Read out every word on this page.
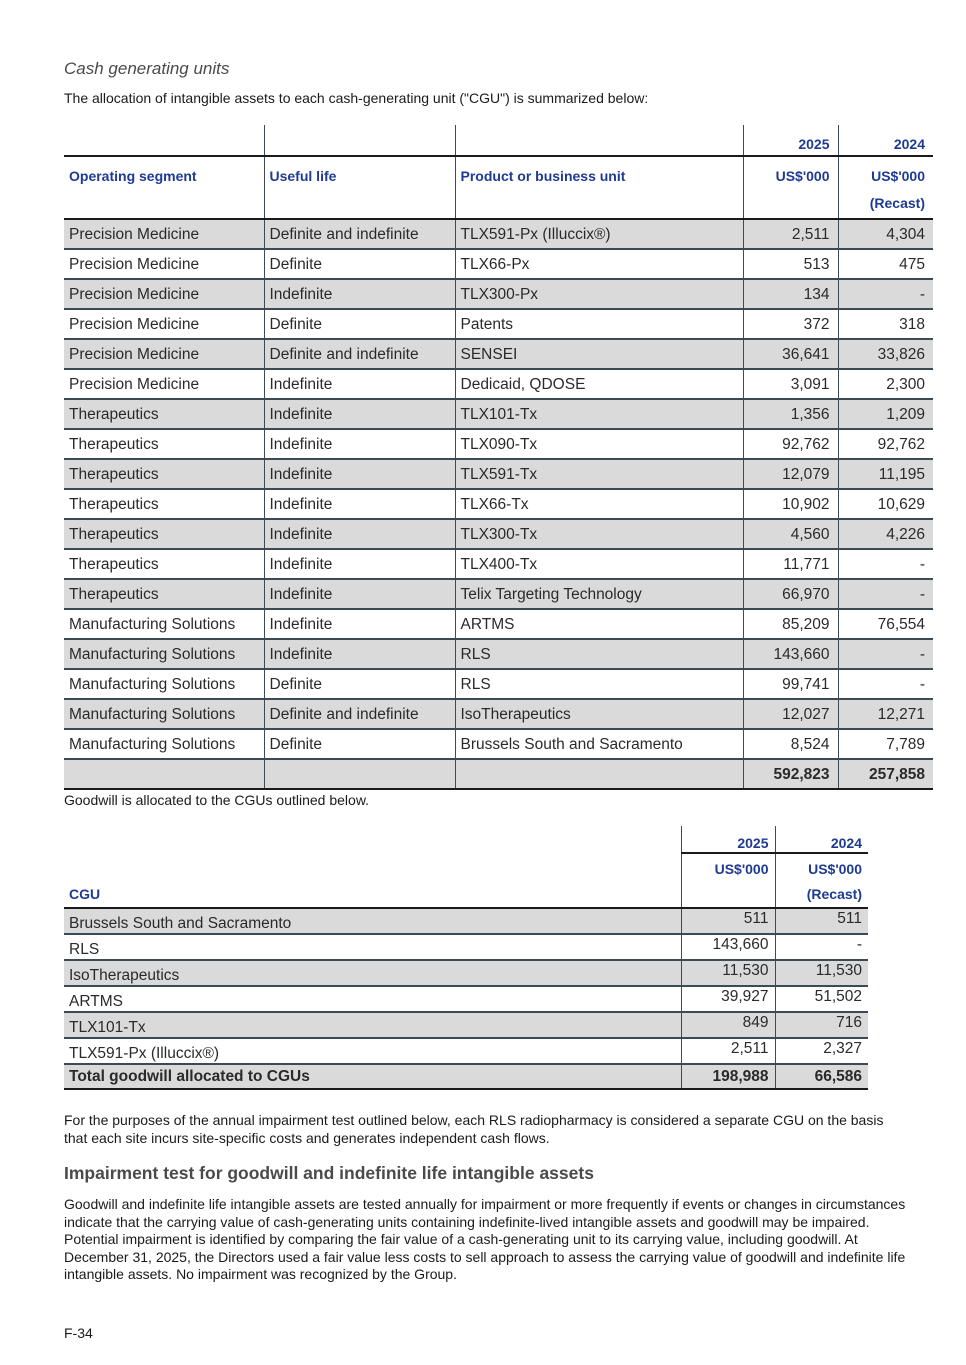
Cash generating units

The allocation of intangible assets to each cash-generating unit ("CGU") is summarized below:

			2025	2024
Operating segment	Useful life	Product or business unit	US$'000	US$'000
(Recast)
Precision Medicine	Definite and indefinite	TLX591-Px (Illuccix®)	2,511	4,304
Precision Medicine	Definite	TLX66-Px	513	475
Precision Medicine	Indefinite	TLX300-Px	134	-
Precision Medicine	Definite	Patents	372	318
Precision Medicine	Definite and indefinite	SENSEI	36,641	33,826
Precision Medicine	Indefinite	Dedicaid, QDOSE	3,091	2,300
Therapeutics	Indefinite	TLX101-Tx	1,356	1,209
Therapeutics	Indefinite	TLX090-Tx	92,762	92,762
Therapeutics	Indefinite	TLX591-Tx	12,079	11,195
Therapeutics	Indefinite	TLX66-Tx	10,902	10,629
Therapeutics	Indefinite	TLX300-Tx	4,560	4,226
Therapeutics	Indefinite	TLX400-Tx	11,771	-
Therapeutics	Indefinite	Telix Targeting Technology	66,970	-
Manufacturing Solutions	Indefinite	ARTMS	85,209	76,554
Manufacturing Solutions	Indefinite	RLS	143,660	-
Manufacturing Solutions	Definite	RLS	99,741	-
Manufacturing Solutions	Definite and indefinite	IsoTherapeutics	12,027	12,271
Manufacturing Solutions	Definite	Brussels South and Sacramento	8,524	7,789
			592,823	257,858

Goodwill is allocated to the CGUs outlined below.

	2025	2024
CGU	US$'000	US$'000
(Recast)
Brussels South and Sacramento	511	511
RLS	143,660	-
IsoTherapeutics	11,530	11,530
ARTMS	39,927	51,502
TLX101-Tx	849	716
TLX591-Px (Illuccix®)	2,511	2,327
Total goodwill allocated to CGUs	198,988	66,586

For the purposes of the annual impairment test outlined below, each RLS radiopharmacy is considered a separate CGU on the basis that each site incurs site-specific costs and generates independent cash flows.

Impairment test for goodwill and indefinite life intangible assets

Goodwill and indefinite life intangible assets are tested annually for impairment or more frequently if events or changes in circumstances indicate that the carrying value of cash-generating units containing indefinite-lived intangible assets and goodwill may be impaired. Potential impairment is identified by comparing the fair value of a cash-generating unit to its carrying value, including goodwill. At December 31, 2025, the Directors used a fair value less costs to sell approach to assess the carrying value of goodwill and indefinite life intangible assets. No impairment was recognized by the Group.

F-34
